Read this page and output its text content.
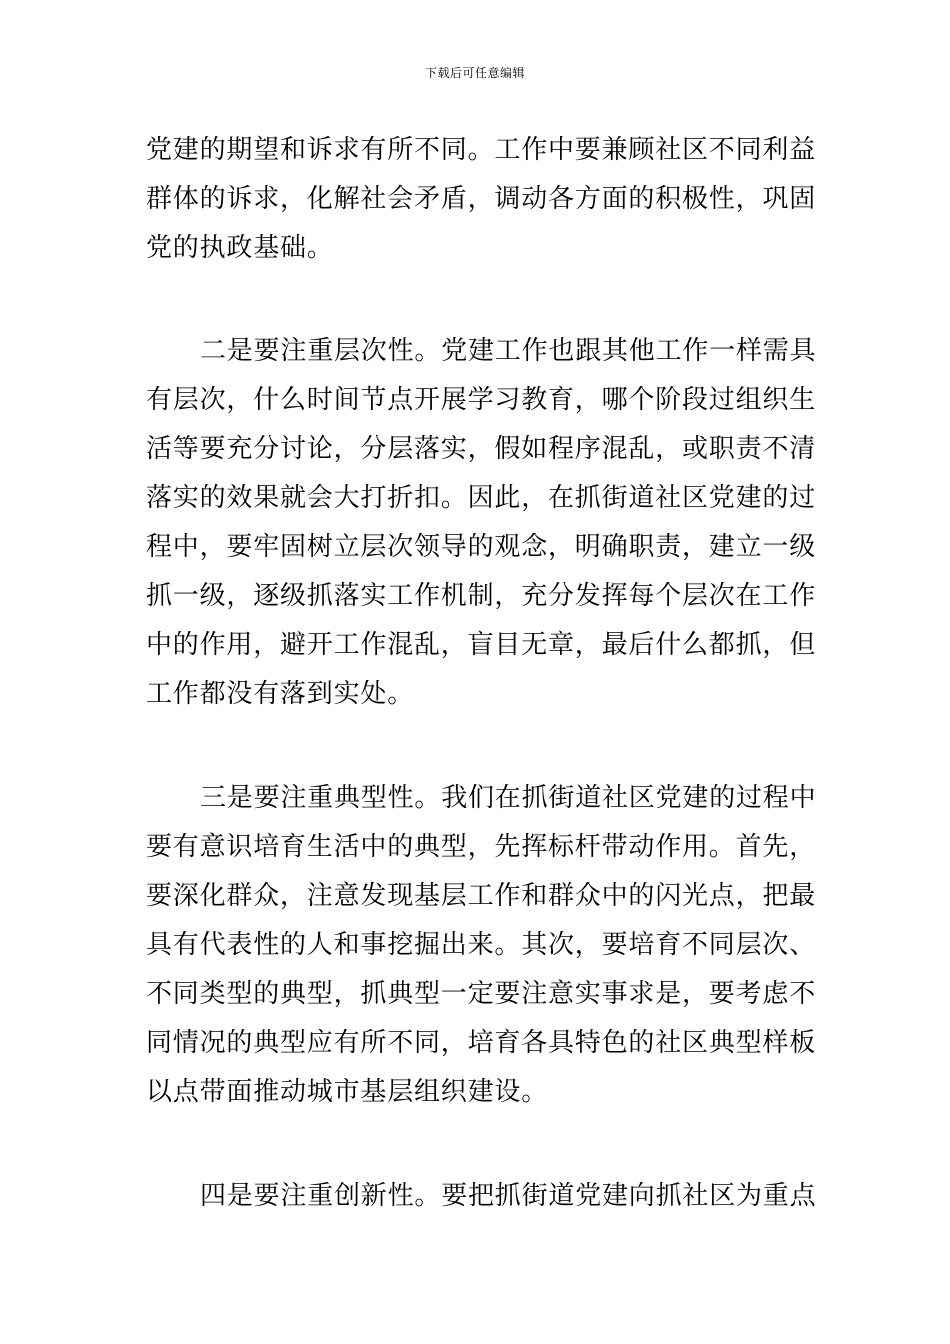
下载后可任意编辑
党建的期望和诉求有所不同。工作中要兼顾社区不同利益
群体的诉求，化解社会矛盾，调动各方面的积极性，巩固
党的执政基础。
二是要注重层次性。党建工作也跟其他工作一样需具
有层次，什么时间节点开展学习教育，哪个阶段过组织生
活等要充分讨论，分层落实，假如程序混乱，或职责不清
落实的效果就会大打折扣。因此，在抓街道社区党建的过
程中，要牢固树立层次领导的观念，明确职责，建立一级
抓一级，逐级抓落实工作机制，充分发挥每个层次在工作
中的作用，避开工作混乱，盲目无章，最后什么都抓，但
工作都没有落到实处。
三是要注重典型性。我们在抓街道社区党建的过程中
要有意识培育生活中的典型，先挥标杆带动作用。首先，
要深化群众，注意发现基层工作和群众中的闪光点，把最
具有代表性的人和事挖掘出来。其次，要培育不同层次、
不同类型的典型，抓典型一定要注意实事求是，要考虑不
同情况的典型应有所不同，培育各具特色的社区典型样板
以点带面推动城市基层组织建设。
四是要注重创新性。要把抓街道党建向抓社区为重点
